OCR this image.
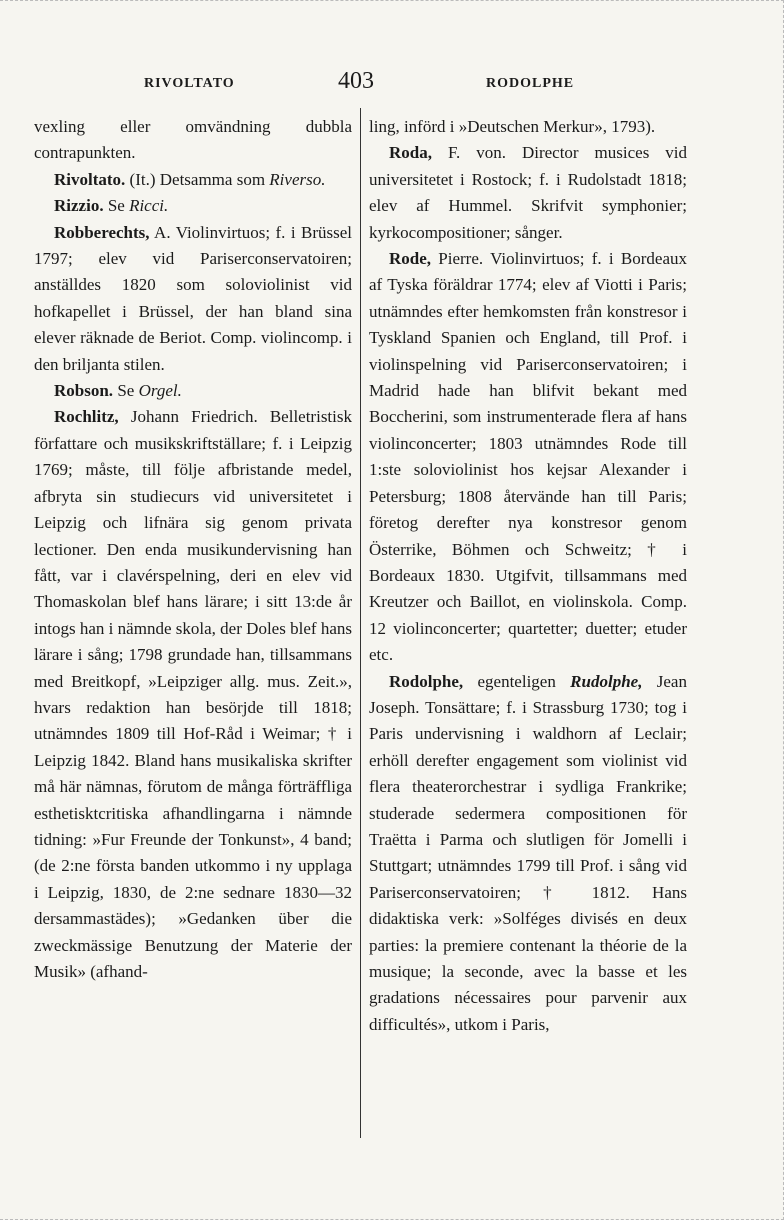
RIVOLTATO	403	RODOLPHE

vexling eller omvändning dubbla contrapunkten.

Rivoltato. (It.) Detsamma som Riverso.

Rizzio. Se Ricci.

Robberechts, A. Violinvirtuos; f. i Brüssel 1797; elev vid Pariserconservatoiren; anställdes 1820 som soloviolinist vid hofkapellet i Brüssel, der han bland sina elever räknade de Beriot. Comp. violincomp. i den briljanta stilen.

Robson. Se Orgel.

Rochlitz, Johann Friedrich. Belletristisk författare och musikskriftställare; f. i Leipzig 1769; måste, till följe afbristande medel, afbryta sin studiecurs vid universitetet i Leipzig och lifnära sig genom privata lectioner. Den enda musikundervisning han fått, var i clavérspelning, deri en elev vid Thomaskolan blef hans lärare; i sitt 13:de år intogs han i nämnde skola, der Doles blef hans lärare i sång; 1798 grundade han, tillsammans med Breitkopf, »Leipziger allg. mus. Zeit.», hvars redaktion han besörjde till 1818; utnämndes 1809 till Hof-Råd i Weimar; † i Leipzig 1842. Bland hans musikaliska skrifter må här nämnas, förutom de många förträffliga esthetisktcritiska afhandlingarna i nämnde tidning: »Fur Freunde der Tonkunst», 4 band; (de 2:ne första banden utkommo i ny upplaga i Leipzig, 1830, de 2:ne sednare 1830—32 dersammastädes); »Gedanken über die zweckmässige Benutzung der Materie der Musik» (afhand-

ling, införd i »Deutschen Merkur», 1793).

Roda, F. von. Director musices vid universitetet i Rostock; f. i Rudolstadt 1818; elev af Hummel. Skrifvit symphonier; kyrkocompositioner; sånger.

Rode, Pierre. Violinvirtuos; f. i Bordeaux af Tyska föräldrar 1774; elev af Viotti i Paris; utnämndes efter hemkomsten från konstresor i Tyskland Spanien och England, till Prof. i violinspelning vid Pariserconservatoiren; i Madrid hade han blifvit bekant med Boccherini, som instrumenterade flera af hans violinconcerter; 1803 utnämndes Rode till 1:ste soloviolinist hos kejsar Alexander i Petersburg; 1808 återvände han till Paris; företog derefter nya konstresor genom Österrike, Böhmen och Schweitz; † i Bordeaux 1830. Utgifvit, tillsammans med Kreutzer och Baillot, en violinskola. Comp. 12 violinconcerter; quartetter; duetter; etuder etc.

Rodolphe, egenteligen Rudolphe, Jean Joseph. Tonsättare; f. i Strassburg 1730; tog i Paris undervisning i waldhorn af Leclair; erhöll derefter engagement som violinist vid flera theaterorchestrar i sydliga Frankrike; studerade sedermera compositionen för Traëtta i Parma och slutligen för Jomelli i Stuttgart; utnämndes 1799 till Prof. i sång vid Pariserconservatoiren; † 1812. Hans didaktiska verk: »Solféges divisés en deux parties: la premiere contenant la théorie de la musique; la seconde, avec la basse et les gradations nécessaires pour parvenir aux difficultés», utkom i Paris,
